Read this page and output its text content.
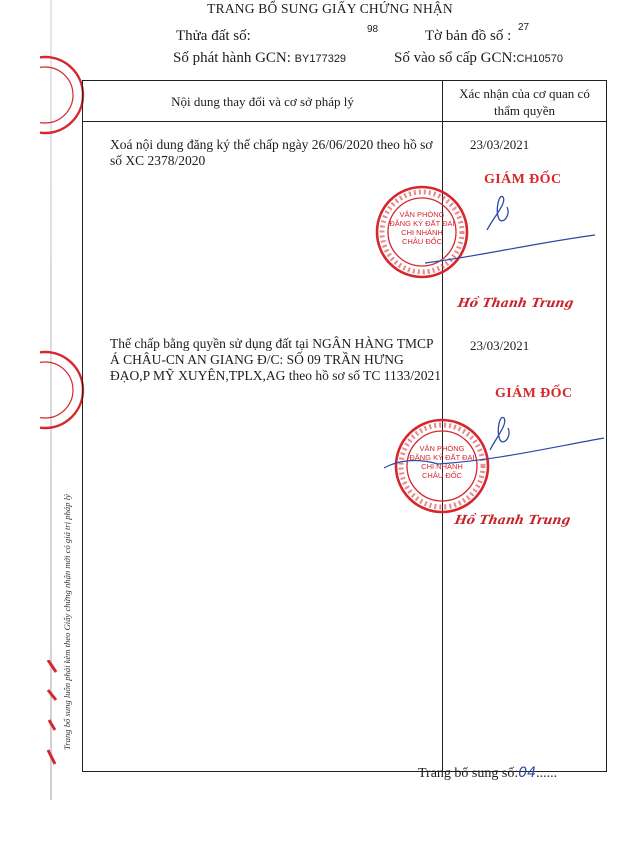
TRANG BỔ SUNG GIẤY CHỨNG NHẬN
Thửa đất số:	98	Tờ bản đồ số :
27
Số phát hành GCN: BY177329	Số vào sổ cấp GCN:CH10570
Nội dung thay đổi và cơ sở pháp lý
Xác nhận của cơ quan có
thẩm quyền
Xoá nội dung đăng ký thế chấp ngày 26/06/2020 theo hồ sơ
số XC 2378/2020
23/03/2021
GIÁM ĐỐC
VĂN PHÒNG
ĐĂNG KÝ ĐẤT ĐAI
CHI NHÁNH
CHÂU ĐỐC
Hồ Thanh Trung
Thế chấp bằng quyền sử dụng đất tại NGÂN HÀNG TMCP
Á CHÂU-CN AN GIANG Đ/C: SỐ 09 TRẦN HƯNG
ĐẠO,P MỸ XUYÊN,TPLX,AG theo hồ sơ số TC 1133/2021
23/03/2021
GIÁM ĐỐC
VĂN PHÒNG
ĐĂNG KÝ ĐẤT ĐAI
CHI NHÁNH
CHÂU ĐỐC
Hồ Thanh Trung
Trang bổ sung luôn phải kèm theo Giấy chứng nhận mới có giá trị pháp lý
Trang bổ sung số:04......
